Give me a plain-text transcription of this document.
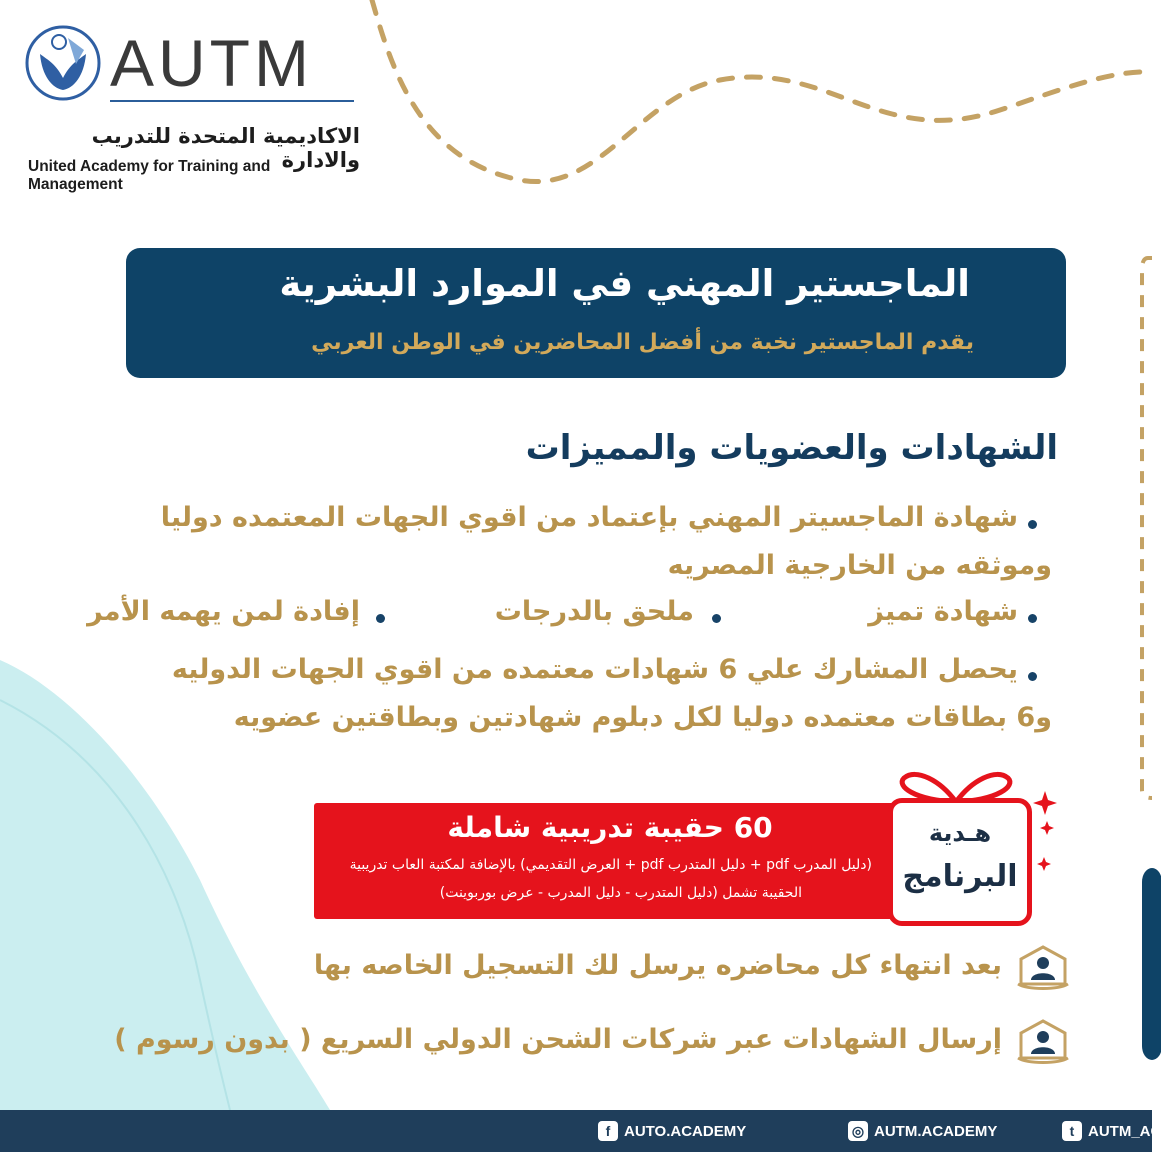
AUTM
الاكاديمية المتحدة للتدريب والادارة
United Academy for Training and Management
الماجستير المهني في الموارد البشرية
يقدم الماجستير نخبة من أفضل المحاضرين في الوطن العربي
الشهادات والعضويات والمميزات
شهادة الماجسيتر المهني بإعتماد من اقوي الجهات المعتمده دوليا
وموثقه من الخارجية المصريه
شهادة تميز
ملحق بالدرجات
إفادة لمن يهمه الأمر
يحصل المشارك علي 6 شهادات معتمده من اقوي الجهات الدوليه
و6 بطاقات معتمده دوليا لكل دبلوم شهادتين وبطاقتين عضويه
60 حقيبة تدريبية شاملة
(دليل المدرب pdf + دليل المتدرب pdf + العرض التقديمي) بالإضافة لمكتبة العاب تدريبية
الحقيبة تشمل (دليل المتدرب - دليل المدرب - عرض بوربوينت)
هـدية
البرنامج
بعد انتهاء كل محاضره يرسل لك التسجيل الخاصه بها
إرسال الشهادات عبر شركات الشحن الدولي السريع ( بدون رسوم )
f AUTO.ACADEMY	◎ AUTM.ACADEMY	t AUTM_AC
